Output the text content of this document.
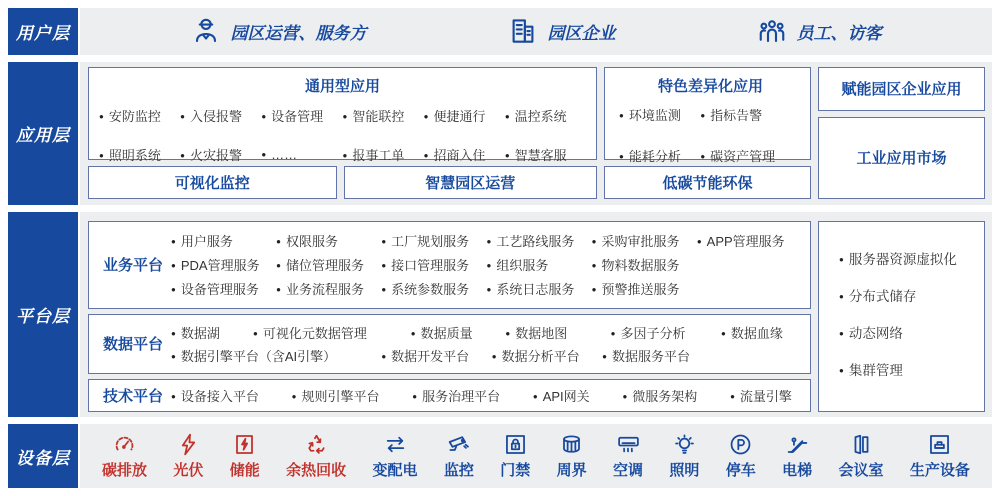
用户层	园区运营、服务方	园区企业	员工、访客
应用层
通用型应用
● 安防监控	● 入侵报警	● 设备管理	● 智能联控	● 便捷通行	● 温控系统
● 照明系统	● 火灾报警	● ……	● 报事工单	● 招商入住	● 智慧客服
特色差异化应用
● 环境监测	● 指标告警
● 能耗分析	● 碳资产管理
可视化监控	智慧园区运营	低碳节能环保
赋能园区企业应用
工业应用市场
平台层
业务平台
● 用户服务	● 权限服务	● 工厂规划服务	● 工艺路线服务	● 采购审批服务	● APP管理服务
● PDA管理服务	● 储位管理服务	● 接口管理服务	● 组织服务	● 物料数据服务
● 设备管理服务	● 业务流程服务	● 系统参数服务	● 系统日志服务	● 预警推送服务
数据平台
● 数据湖	● 可视化元数据管理	● 数据质量	● 数据地图	● 多因子分析	● 数据血缘
● 数据引擎平台（含AI引擎）	● 数据开发平台	● 数据分析平台	● 数据服务平台
技术平台	● 设备接入平台	● 规则引擎平台	● 服务治理平台	● API网关	● 微服务架构	● 流量引擎
● 服务器资源虚拟化
● 分布式储存
● 动态网络
● 集群管理
设备层
碳排放 光伏 储能 余热回收 变配电 监控 门禁 周界 空调 照明 停车 电梯 会议室 生产设备
